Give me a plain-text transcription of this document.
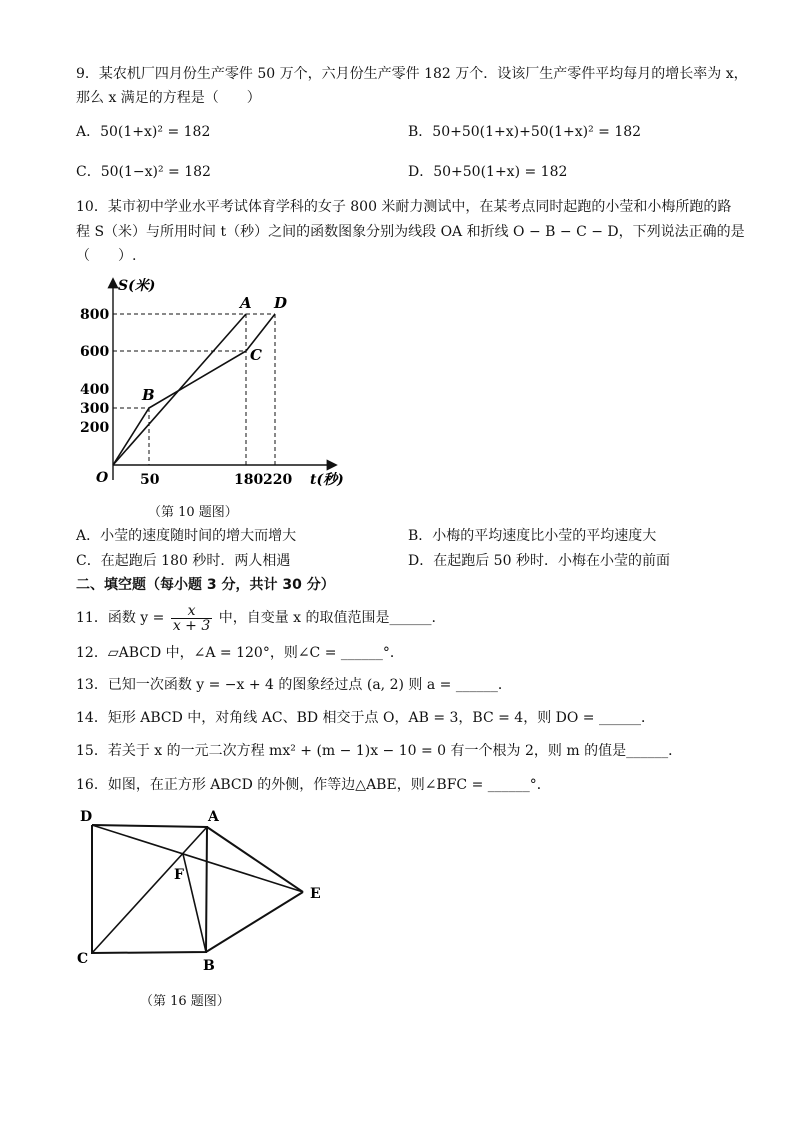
9．某农机厂四月份生产零件 50 万个，六月份生产零件 182 万个．设该厂生产零件平均每月的增长率为 x，
那么 x 满足的方程是（　　）
A．50(1+x)² = 182	B．50+50(1+x)+50(1+x)² = 182
C．50(1−x)² = 182	D．50+50(1+x) = 182
10．某市初中学业水平考试体育学科的女子 800 米耐力测试中，在某考点同时起跑的小莹和小梅所跑的路
程 S（米）与所用时间 t（秒）之间的函数图象分别为线段 OA 和折线 O − B − C − D，下列说法正确的是
（　　）.
S(米)
t(秒)
O
800
600
400
300
200
50	180 220
A D
B
C
（第 10 题图）
A．小莹的速度随时间的增大而增大	B．小梅的平均速度比小莹的平均速度大
C．在起跑后 180 秒时．两人相遇	D．在起跑后 50 秒时．小梅在小莹的前面
二、填空题（每小题 3 分，共计 30 分）
11．函数 $y = \frac{x}{x + 3}$ 中，自变量 x 的取值范围是______.
12．▱ABCD 中，∠A = 120°，则∠C = ______°．
13．已知一次函数 y = −x + 4 的图象经过点 (a, 2) 则 a = ______．
14．矩形 ABCD 中，对角线 AC、BD 相交于点 O，AB = 3，BC = 4，则 DO = ______．
15．若关于 x 的一元二次方程 mx² + (m − 1)x − 10 = 0 有一个根为 2，则 m 的值是______．
16．如图，在正方形 ABCD 的外侧，作等边△ABE，则∠BFC = ______°．
D	A
F
E
C	B
（第 16 题图）
